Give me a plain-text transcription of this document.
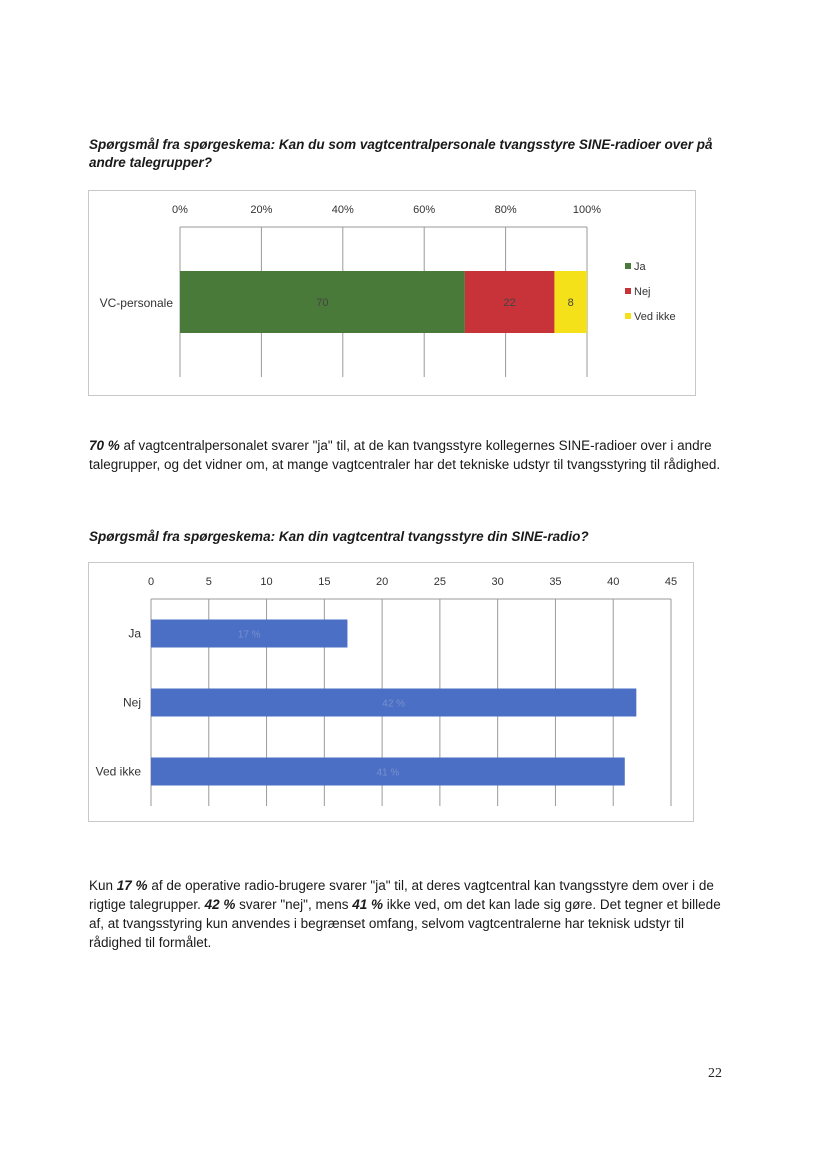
Spørgsmål fra spørgeskema: Kan du som vagtcentralpersonale tvangsstyre SINE-radioer over på andre talegrupper?

0%	20%	40%	60%	80%	100%
70	22	8
VC-personale
Ja
Nej
Ved ikke

70 % af vagtcentralpersonalet svarer "ja" til, at de kan tvangsstyre kollegernes SINE-radioer over i andre talegrupper, og det vidner om, at mange vagtcentraler har det tekniske udstyr til tvangsstyring til rådighed.

Spørgsmål fra spørgeskema: Kan din vagtcentral tvangsstyre din SINE-radio?

0	5	10	15	20	25	30	35	40	45
17 %
Ja
42 %
Nej
41 %
Ved ikke

Kun 17 % af de operative radio-brugere svarer "ja" til, at deres vagtcentral kan tvangsstyre dem over i de rigtige talegrupper. 42 % svarer "nej", mens 41 % ikke ved, om det kan lade sig gøre. Det tegner et billede af, at tvangsstyring kun anvendes i begrænset omfang, selvom vagtcentralerne har teknisk udstyr til rådighed til formålet.

22
